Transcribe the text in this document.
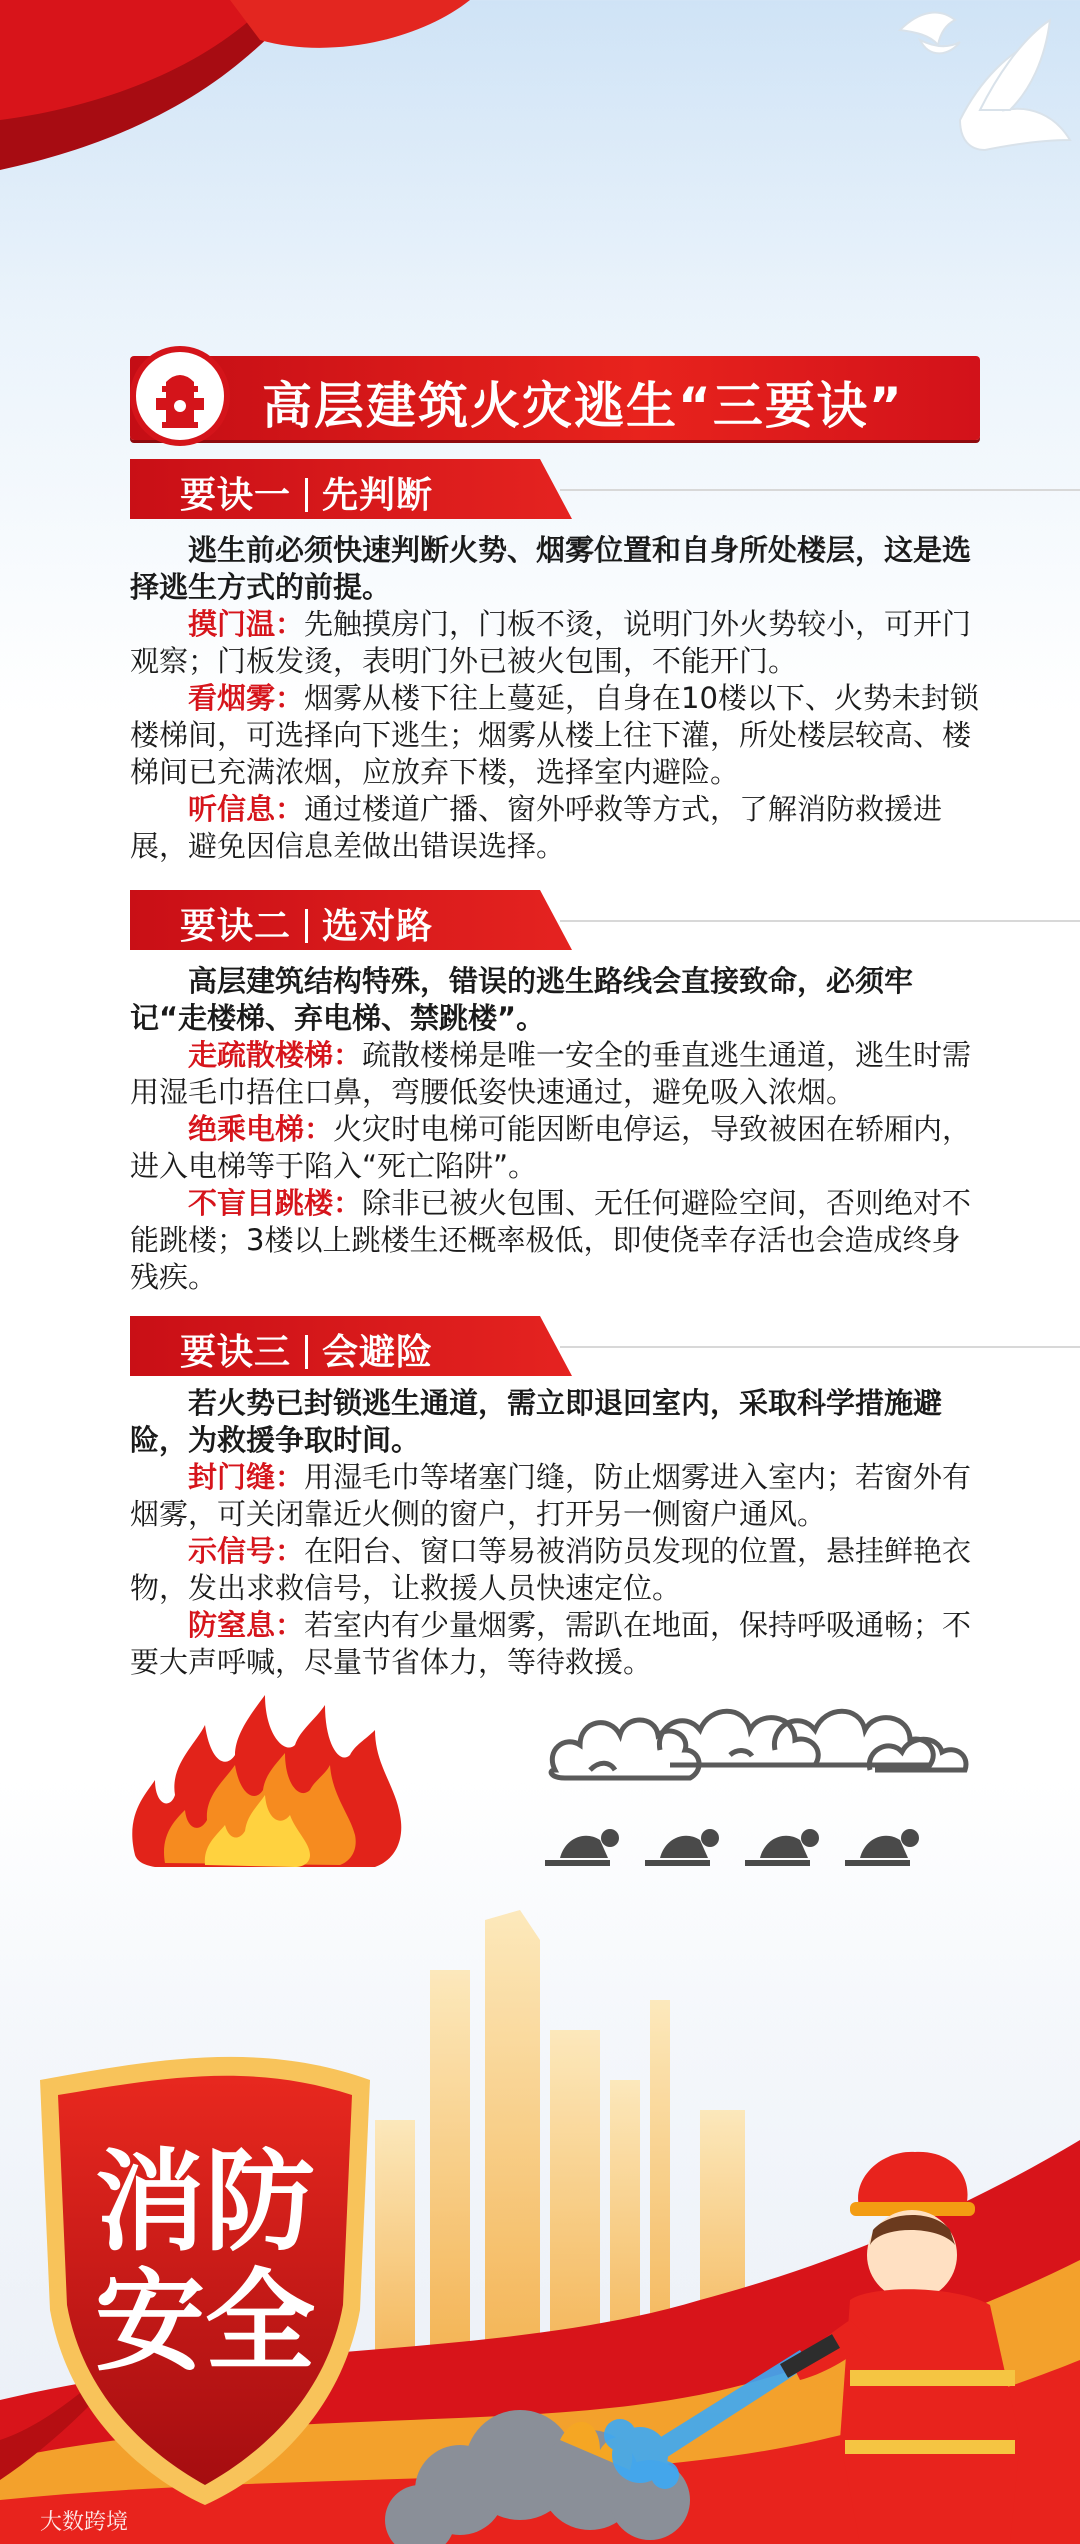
高层建筑火灾逃生“三要诀”
要诀一 先判断
逃生前必须快速判断火势、烟雾位置和自身所处楼层，这是选择逃生方式的前提。
摸门温：先触摸房门，门板不烫，说明门外火势较小，可开门观察；门板发烫，表明门外已被火包围，不能开门。
看烟雾：烟雾从楼下往上蔓延，自身在10楼以下、火势未封锁楼梯间，可选择向下逃生；烟雾从楼上往下灌，所处楼层较高、楼梯间已充满浓烟，应放弃下楼，选择室内避险。
听信息：通过楼道广播、窗外呼救等方式，了解消防救援进展，避免因信息差做出错误选择。
要诀二 选对路
高层建筑结构特殊，错误的逃生路线会直接致命，必须牢记“走楼梯、弃电梯、禁跳楼”。
走疏散楼梯：疏散楼梯是唯一安全的垂直逃生通道，逃生时需用湿毛巾捂住口鼻，弯腰低姿快速通过，避免吸入浓烟。
绝乘电梯：火灾时电梯可能因断电停运，导致被困在轿厢内，进入电梯等于陷入“死亡陷阱”。
不盲目跳楼：除非已被火包围、无任何避险空间，否则绝对不能跳楼；3楼以上跳楼生还概率极低，即使侥幸存活也会造成终身残疾。
要诀三 会避险
若火势已封锁逃生通道，需立即退回室内，采取科学措施避险，为救援争取时间。
封门缝：用湿毛巾等堵塞门缝，防止烟雾进入室内；若窗外有烟雾，可关闭靠近火侧的窗户，打开另一侧窗户通风。
示信号：在阳台、窗口等易被消防员发现的位置，悬挂鲜艳衣物，发出求救信号，让救援人员快速定位。
防窒息：若室内有少量烟雾，需趴在地面，保持呼吸通畅；不要大声呼喊，尽量节省体力，等待救援。
消防
安全
大数跨境
